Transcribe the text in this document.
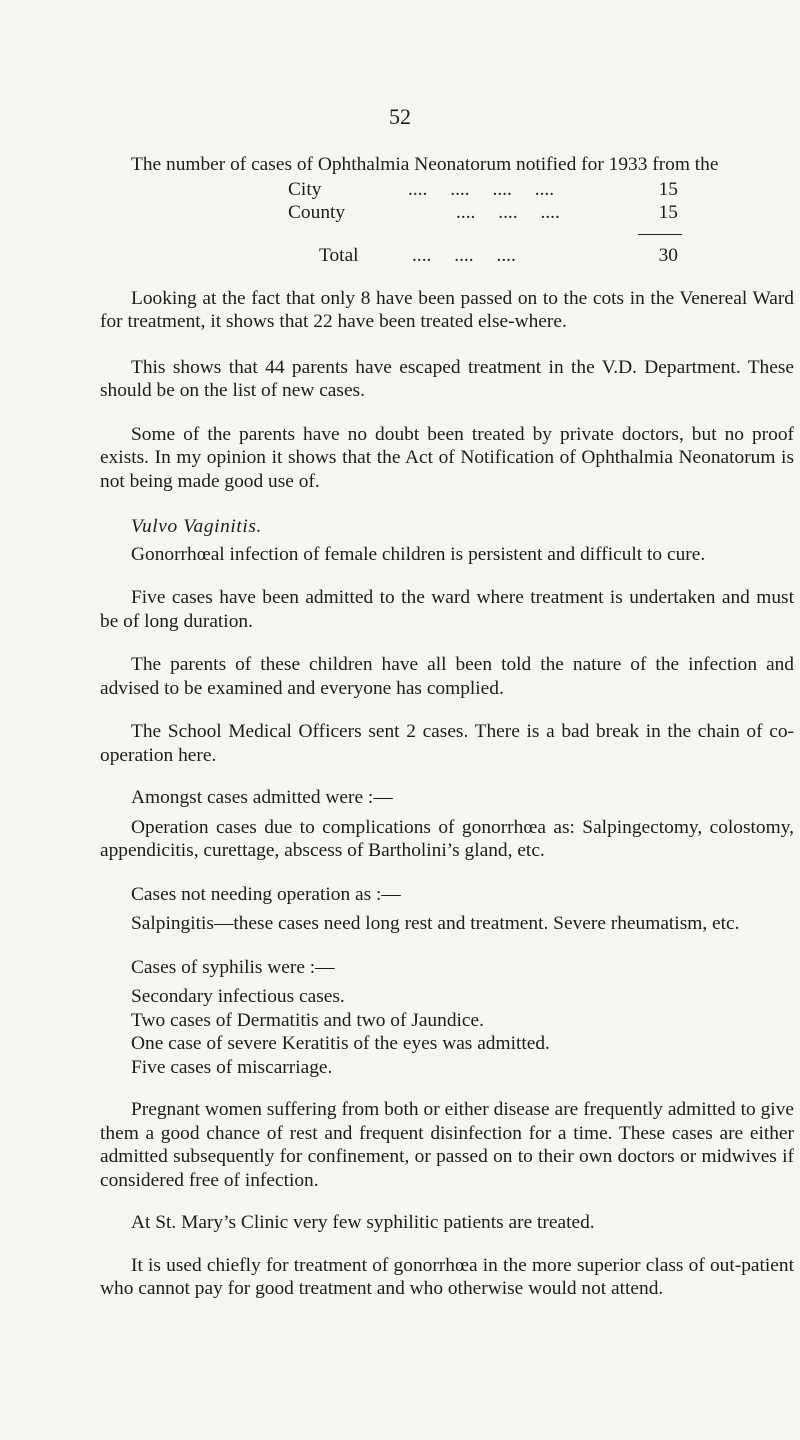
52

The number of cases of Ophthalmia Neonatorum notified for 1933 from the

City	.... .... .... ....	15
County	.... .... ....	15
Total	.... .... ....	30

Looking at the fact that only 8 have been passed on to the cots in the Venereal Ward for treatment, it shows that 22 have been treated else-where.

This shows that 44 parents have escaped treatment in the V.D. Department. These should be on the list of new cases.

Some of the parents have no doubt been treated by private doctors, but no proof exists. In my opinion it shows that the Act of Notification of Ophthalmia Neonatorum is not being made good use of.

Vulvo Vaginitis.

Gonorrhœal infection of female children is persistent and difficult to cure.

Five cases have been admitted to the ward where treatment is undertaken and must be of long duration.

The parents of these children have all been told the nature of the infection and advised to be examined and everyone has complied.

The School Medical Officers sent 2 cases. There is a bad break in the chain of co-operation here.

Amongst cases admitted were :—

Operation cases due to complications of gonorrhœa as: Salpingectomy, colostomy, appendicitis, curettage, abscess of Bartholini’s gland, etc.

Cases not needing operation as :—

Salpingitis—these cases need long rest and treatment. Severe rheumatism, etc.

Cases of syphilis were :—

Secondary infectious cases.

Two cases of Dermatitis and two of Jaundice.

One case of severe Keratitis of the eyes was admitted.

Five cases of miscarriage.

Pregnant women suffering from both or either disease are frequently admitted to give them a good chance of rest and frequent disinfection for a time. These cases are either admitted subsequently for confinement, or passed on to their own doctors or midwives if considered free of infection.

At St. Mary’s Clinic very few syphilitic patients are treated.

It is used chiefly for treatment of gonorrhœa in the more superior class of out-patient who cannot pay for good treatment and who otherwise would not attend.
